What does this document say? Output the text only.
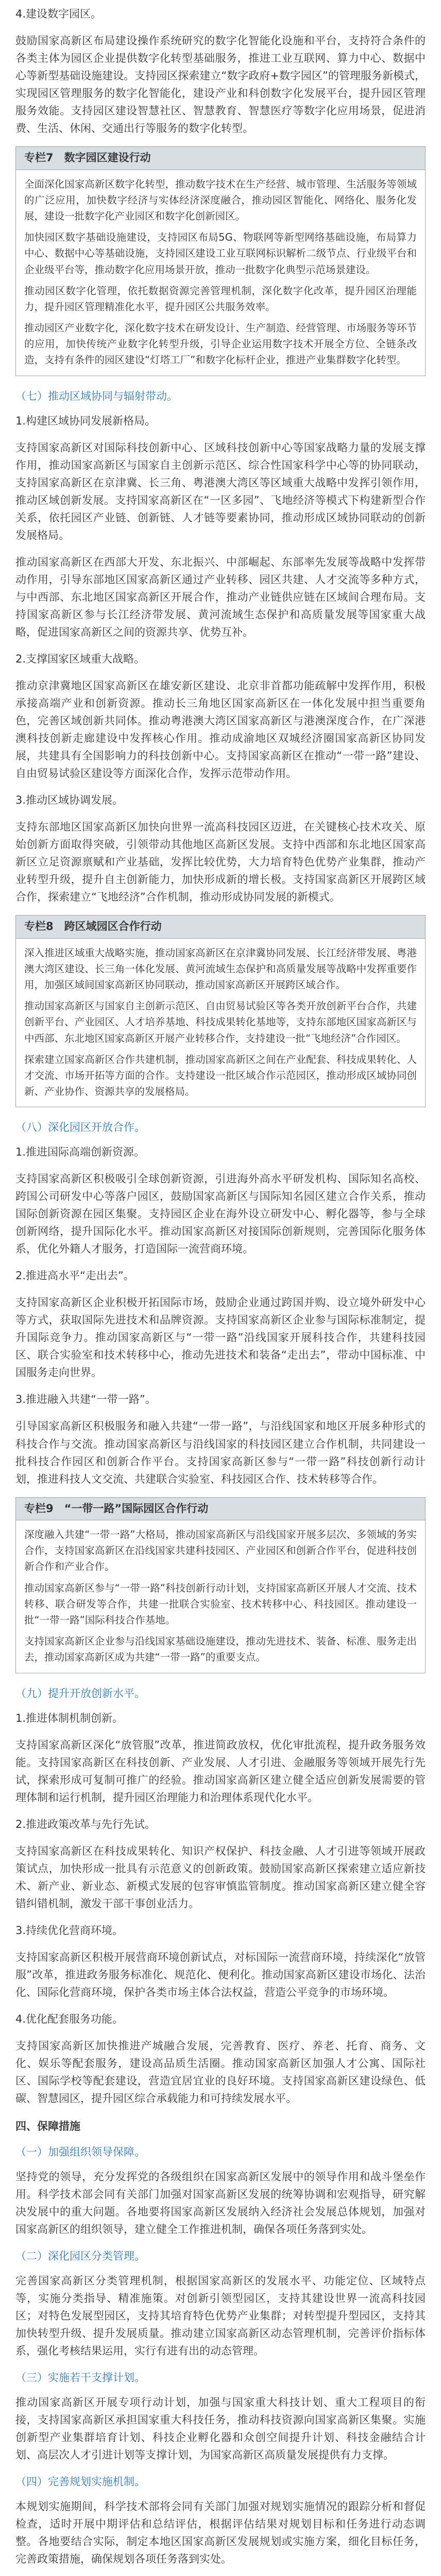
4.建设数字园区。
鼓励国家高新区布局建设操作系统研究的数字化智能化设施和平台，支持符合条件的各类主体为园区企业提供数字化转型基础服务，推进工业互联网、算力中心、数据中心等新型基础设施建设。支持园区探索建立“数字政府+数字园区”的管理服务新模式，实现园区管理服务的数字化智能化，建设产业和科创数字化发展平台，提升园区管理服务效能。支持园区建设智慧社区、智慧教育、智慧医疗等数字化应用场景，促进消费、生活、休闲、交通出行等服务的数字化转型。
专栏7　数字园区建设行动

全面深化国家高新区数字化转型，推动数字技术在生产经营、城市管理、生活服务等领域的广泛应用，加快数字经济与实体经济深度融合，推动园区智能化、网络化、服务化发展，建设一批数字化产业园区和数字化创新园区。

加快园区数字基础设施建设，支持园区布局5G、物联网等新型网络基础设施，布局算力中心、数据中心等基础设施，支持园区建设工业互联网标识解析二级节点、行业级平台和企业级平台等，推动数字化应用场景开放，推动一批数字化典型示范场景建设。

推动园区数字化管理，依托数据资源完善管理机制，深化数字化改革，提升园区治理能力，提升园区管理精准化水平，提升园区公共服务效率。

推动园区产业数字化，深化数字技术在研发设计、生产制造、经营管理、市场服务等环节的应用，加快传统产业数字化转型升级，引导企业运用数字技术开展全方位、全链条改造，支持有条件的园区建设“灯塔工厂”和数字化标杆企业，推进产业集群数字化转型。

（七）推动区域协同与辐射带动。
1.构建区域协同发展新格局。
支持国家高新区对国际科技创新中心、区域科技创新中心等国家战略力量的发展支撑作用，推动国家高新区与国家自主创新示范区、综合性国家科学中心等的协同联动，支持国家高新区在京津冀、长三角、粤港澳大湾区等区域重大战略中发挥引领作用，推动区域创新发展。支持国家高新区在“一区多园”、飞地经济等模式下构建新型合作关系，依托园区产业链、创新链、人才链等要素协同，推动形成区域协同联动的创新发展格局。
推动国家高新区在西部大开发、东北振兴、中部崛起、东部率先发展等战略中发挥带动作用，引导东部地区国家高新区通过产业转移、园区共建、人才交流等多种方式，与中西部、东北地区国家高新区开展合作，推动产业链供应链在区域间合理布局。支持国家高新区参与长江经济带发展、黄河流域生态保护和高质量发展等国家重大战略，促进国家高新区之间的资源共享、优势互补。
2.支撑国家区域重大战略。
推动京津冀地区国家高新区在雄安新区建设、北京非首都功能疏解中发挥作用，积极承接高端产业和创新资源。推动长三角地区国家高新区在一体化发展中担当重要角色，完善区域创新共同体。推动粤港澳大湾区国家高新区与港澳深度合作，在广深港澳科技创新走廊建设中发挥核心作用。推动成渝地区双城经济圈国家高新区协同发展，共建具有全国影响力的科技创新中心。支持国家高新区在推动“一带一路”建设、自由贸易试验区建设等方面深化合作，发挥示范带动作用。
3.推动区域协调发展。
支持东部地区国家高新区加快向世界一流高科技园区迈进，在关键核心技术攻关、原始创新方面取得突破，引领带动其他地区高新区发展。支持中西部和东北地区国家高新区立足资源禀赋和产业基础，发挥比较优势，大力培育特色优势产业集群，推动产业转型升级，提升自主创新能力，加快形成新的增长极。支持国家高新区开展跨区域合作，探索建立“飞地经济”合作机制，推动形成协同发展的新模式。
专栏8　跨区域园区合作行动

深入推进区域重大战略实施，推动国家高新区在京津冀协同发展、长江经济带发展、粤港澳大湾区建设、长三角一体化发展、黄河流域生态保护和高质量发展等战略中发挥重要作用，加强区域间国家高新区协同联动，推动国家高新区开展跨区域合作。

推动国家高新区与国家自主创新示范区、自由贸易试验区等各类开放创新平台合作，共建创新平台、产业园区、人才培养基地、科技成果转化基地等，支持东部地区国家高新区与中西部、东北地区国家高新区开展产业转移合作，支持建设一批“飞地经济”合作园区。

探索建立国家高新区合作共建机制，推动国家高新区之间在产业配套、科技成果转化、人才交流、市场开拓等方面的合作。支持建设一批区域合作示范园区，推动形成区域协同创新、产业协作、资源共享的发展格局。

（八）深化园区开放合作。
1.推进国际高端创新资源。
支持国家高新区积极吸引全球创新资源，引进海外高水平研发机构、国际知名高校、跨国公司研发中心等落户园区，鼓励国家高新区与国际知名园区建立合作关系，推动国际创新资源在园区集聚。支持园区企业在海外设立研发中心、孵化器等，参与全球创新网络，提升国际化水平。推动国家高新区对接国际创新规则，完善国际化服务体系，优化外籍人才服务，打造国际一流营商环境。
2.推进高水平“走出去”。
支持国家高新区企业积极开拓国际市场，鼓励企业通过跨国并购、设立境外研发中心等方式，获取国际先进技术和品牌资源。支持国家高新区企业参与国际标准制定，提升国际竞争力。推动国家高新区与“一带一路”沿线国家开展科技合作，共建科技园区、联合实验室和技术转移中心，推动先进技术和装备“走出去”，带动中国标准、中国服务走向世界。
3.推进融入共建“一带一路”。
引导国家高新区积极服务和融入共建“一带一路”，与沿线国家和地区开展多种形式的科技合作与交流。推动国家高新区与沿线国家的科技园区建立合作机制，共同建设一批科技合作园区和创新合作平台。支持国家高新区参与“一带一路”科技创新行动计划，推进科技人文交流、共建联合实验室、科技园区合作、技术转移等合作。
专栏9　“一带一路”国际园区合作行动

深度融入共建“一带一路”大格局，推动国家高新区与沿线国家开展多层次、多领域的务实合作，支持国家高新区在沿线国家共建科技园区、产业园区和创新合作平台，促进科技创新合作和产业合作。

推动国家高新区参与“一带一路”科技创新行动计划，支持国家高新区开展人才交流、技术转移、联合研发等合作，共建一批联合实验室、技术转移中心、科技园区。推动建设一批“一带一路”国际科技合作基地。

支持国家高新区企业参与沿线国家基础设施建设，推动先进技术、装备、标准、服务走出去，推动国家高新区成为共建“一带一路”的重要支点。

（九）提升开放创新水平。
1.推进体制机制创新。
支持国家高新区深化“放管服”改革，推进简政放权，优化审批流程，提升政务服务效能。支持国家高新区在科技创新、产业发展、人才引进、金融服务等领域开展先行先试，探索形成可复制可推广的经验。推动国家高新区建立健全适应创新发展需要的管理体制和运行机制，提升园区治理能力和治理体系现代化水平。
2.推进政策改革与先行先试。
支持国家高新区在科技成果转化、知识产权保护、科技金融、人才引进等领域开展政策试点，加快形成一批具有示范意义的创新政策。鼓励国家高新区探索建立适应新技术、新产业、新业态、新模式发展的包容审慎监管制度。推动国家高新区建立健全容错纠错机制，激发干部干事创业活力。
3.持续优化营商环境。
支持国家高新区积极开展营商环境创新试点，对标国际一流营商环境，持续深化“放管服”改革，推进政务服务标准化、规范化、便利化。推动国家高新区建设市场化、法治化、国际化营商环境，保护各类市场主体合法权益，营造公平竞争的市场环境。
4.优化配套服务功能。
支持国家高新区加快推进产城融合发展，完善教育、医疗、养老、托育、商务、文化、娱乐等配套服务，建设高品质生活圈。推动国家高新区加强人才公寓、国际社区、国际学校等配套建设，营造宜居宜业的良好环境。支持国家高新区建设绿色、低碳、智慧园区，提升园区综合承载能力和可持续发展水平。
四、保障措施
（一）加强组织领导保障。
坚持党的领导，充分发挥党的各级组织在国家高新区发展中的领导作用和战斗堡垒作用。科学技术部会同有关部门加强对国家高新区发展的统筹协调和宏观指导，研究解决发展中的重大问题。各地要将国家高新区发展纳入经济社会发展总体规划，加强对国家高新区的组织领导，建立健全工作推进机制，确保各项任务落到实处。
（二）深化园区分类管理。
完善国家高新区分类管理机制，根据国家高新区的发展水平、功能定位、区域特点等，实施分类指导、精准施策。对创新引领型园区，支持其建设世界一流高科技园区；对特色发展型园区，支持其培育特色优势产业集群；对转型提升型园区，支持其加快转型升级、提升发展质量。推动建立国家高新区动态管理机制，完善评价指标体系，强化考核结果运用，实行有进有出的动态管理。
（三）实施若干支撑计划。
推动国家高新区开展专项行动计划，加强与国家重大科技计划、重大工程项目的衔接，支持国家高新区承担国家重大科技任务，推动科技资源向国家高新区集聚。实施创新型产业集群培育计划、科技企业孵化器和众创空间提升计划、科技金融结合计划、高层次人才引进计划等支撑计划，为国家高新区高质量发展提供有力支撑。
（四）完善规划实施机制。
本规划实施期间，科学技术部将会同有关部门加强对规划实施情况的跟踪分析和督促检查，适时开展中期评估和总结评估，根据评估结果对规划目标和任务进行动态调整。各地要结合实际，制定本地区国家高新区发展规划或实施方案，细化目标任务，完善政策措施，确保规划各项任务落到实处。
